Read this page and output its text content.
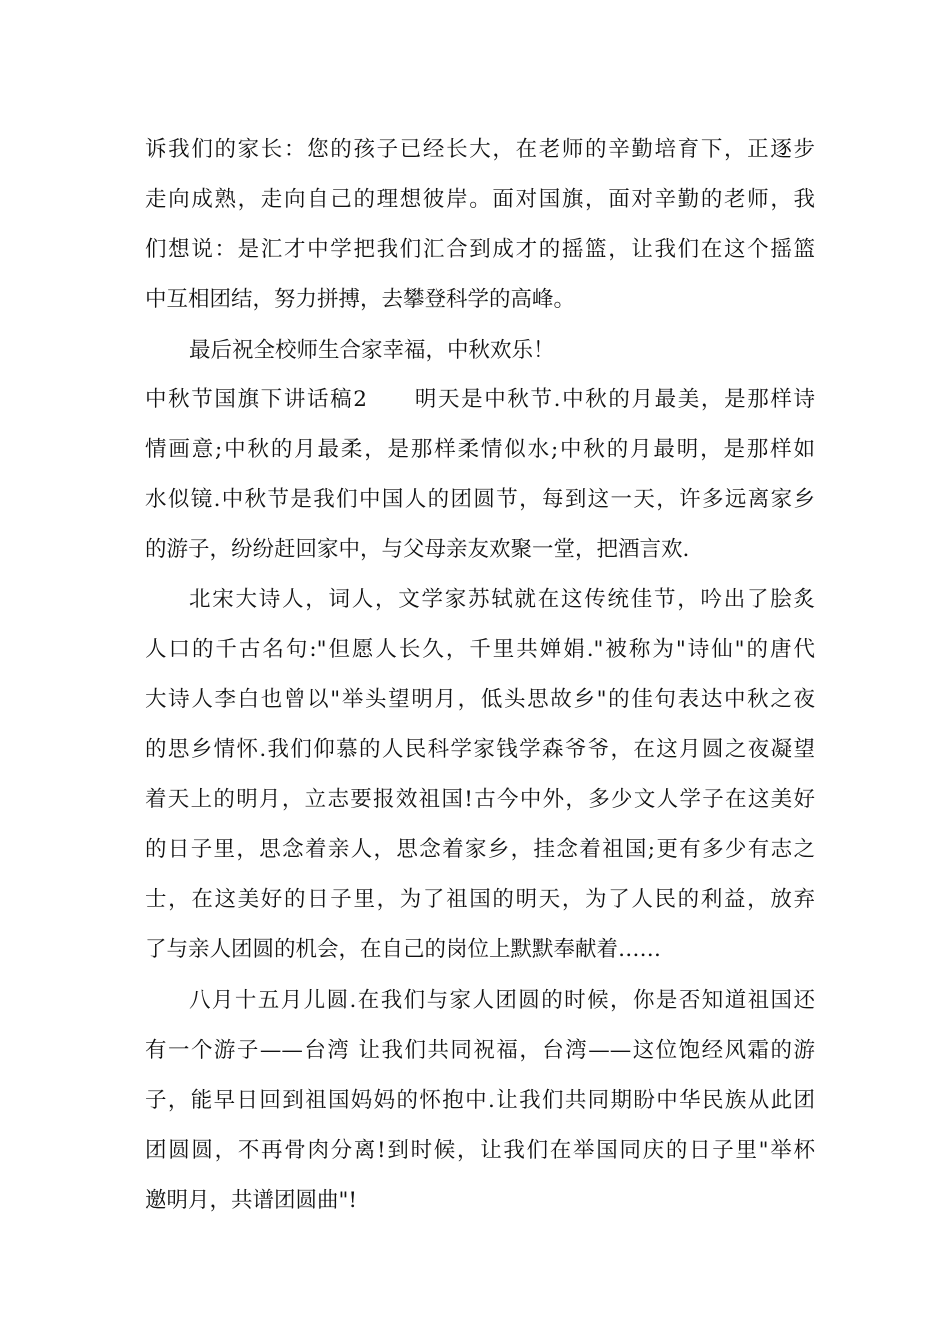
诉我们的家长：您的孩子已经长大，在老师的辛勤培育下，正逐步
走向成熟，走向自己的理想彼岸。面对国旗，面对辛勤的老师，我
们想说：是汇才中学把我们汇合到成才的摇篮，让我们在这个摇篮
中互相团结，努力拼搏，去攀登科学的高峰。
最后祝全校师生合家幸福，中秋欢乐！
中秋节国旗下讲话稿2　　明天是中秋节.中秋的月最美，是那样诗
情画意;中秋的月最柔，是那样柔情似水;中秋的月最明，是那样如
水似镜.中秋节是我们中国人的团圆节，每到这一天，许多远离家乡
的游子，纷纷赶回家中，与父母亲友欢聚一堂，把酒言欢.
北宋大诗人，词人，文学家苏轼就在这传统佳节，吟出了脍炙
人口的千古名句:"但愿人长久，千里共婵娟."被称为"诗仙"的唐代
大诗人李白也曾以"举头望明月，低头思故乡"的佳句表达中秋之夜
的思乡情怀.我们仰慕的人民科学家钱学森爷爷，在这月圆之夜凝望
着天上的明月，立志要报效祖国!古今中外，多少文人学子在这美好
的日子里，思念着亲人，思念着家乡，挂念着祖国;更有多少有志之
士，在这美好的日子里，为了祖国的明天，为了人民的利益，放弃
了与亲人团圆的机会，在自己的岗位上默默奉献着……
八月十五月儿圆.在我们与家人团圆的时候，你是否知道祖国还
有一个游子——台湾 让我们共同祝福，台湾——这位饱经风霜的游
子，能早日回到祖国妈妈的怀抱中.让我们共同期盼中华民族从此团
团圆圆，不再骨肉分离!到时候，让我们在举国同庆的日子里"举杯
邀明月，共谱团圆曲"!
